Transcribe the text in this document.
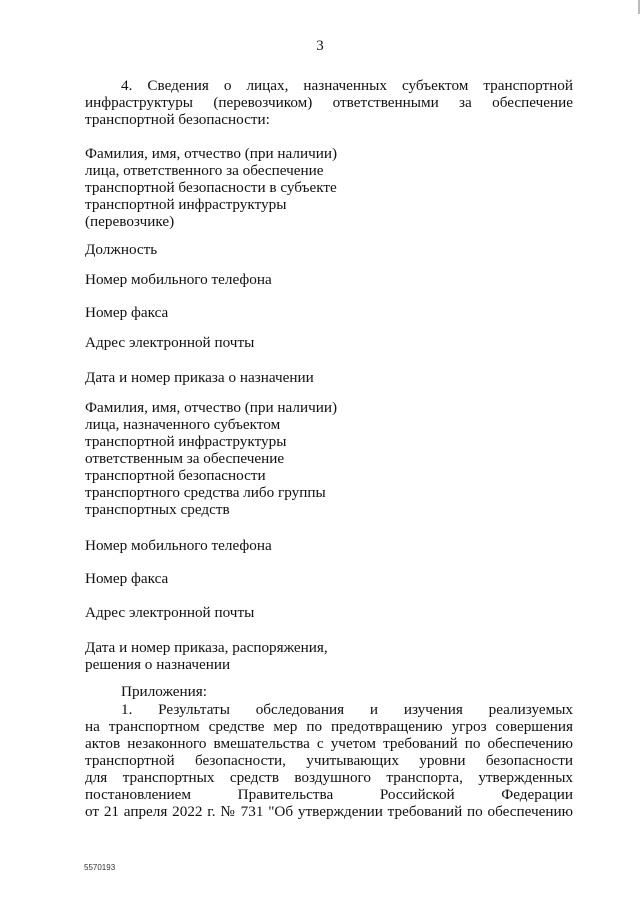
3
4. Сведения о лицах, назначенных субъектом транспортной
инфраструктуры (перевозчиком) ответственными за обеспечение
транспортной безопасности:
Фамилия, имя, отчество (при наличии)
лица, ответственного за обеспечение
транспортной безопасности в субъекте
транспортной инфраструктуры
(перевозчике)
Должность
Номер мобильного телефона
Номер факса
Адрес электронной почты
Дата и номер приказа о назначении
Фамилия, имя, отчество (при наличии)
лица, назначенного субъектом
транспортной инфраструктуры
ответственным за обеспечение
транспортной безопасности
транспортного средства либо группы
транспортных средств
Номер мобильного телефона
Номер факса
Адрес электронной почты
Дата и номер приказа, распоряжения,
решения о назначении
Приложения:
1. Результаты обследования и изучения реализуемых
на транспортном средстве мер по предотвращению угроз совершения
актов незаконного вмешательства с учетом требований по обеспечению
транспортной безопасности, учитывающих уровни безопасности
для транспортных средств воздушного транспорта, утвержденных
постановлением Правительства Российской Федерации
от 21 апреля 2022 г. № 731 "Об утверждении требований по обеспечению
5570193
